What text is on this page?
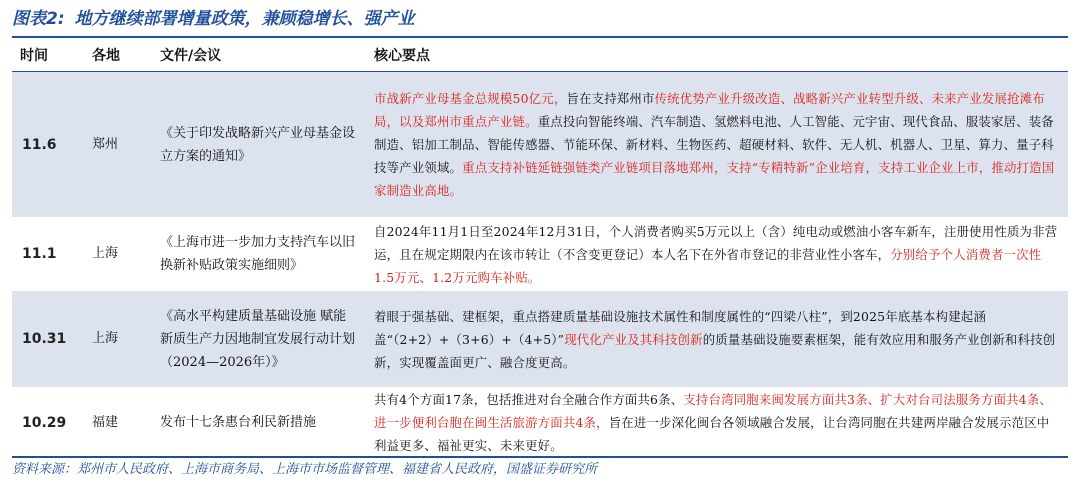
图表2: 地方继续部署增量政策，兼顾稳增长、强产业
时间	各地	文件/会议	核心要点
11.6	郑州	《关于印发战略新兴产业母基金设立方案的通知》	市战新产业母基金总规模50亿元，旨在支持郑州市传统优势产业升级改造、战略新兴产业转型升级、未来产业发展抢滩布局，以及郑州市重点产业链。重点投向智能终端、汽车制造、氢燃料电池、人工智能、元宇宙、现代食品、服装家居、装备制造、铝加工制品、智能传感器、节能环保、新材料、生物医药、超硬材料、软件、无人机、机器人、卫星、算力、量子科技等产业领域。重点支持补链延链强链类产业链项目落地郑州，支持“专精特新”企业培育，支持工业企业上市，推动打造国家制造业高地。
11.1	上海	《上海市进一步加力支持汽车以旧换新补贴政策实施细则》	自2024年11月1日至2024年12月31日，个人消费者购买5万元以上（含）纯电动或燃油小客车新车，注册使用性质为非营运，且在规定期限内在该市转让（不含变更登记）本人名下在外省市登记的非营业性小客车，分别给予个人消费者一次性1.5万元、1.2万元购车补贴。
10.31	上海	《高水平构建质量基础设施 赋能新质生产力因地制宜发展行动计划（2024—2026年）》	着眼于强基础、建框架，重点搭建质量基础设施技术属性和制度属性的“四梁八柱”，到2025年底基本构建起涵盖“（2+2）+（3+6）+（4+5）”现代化产业及其科技创新的质量基础设施要素框架，能有效应用和服务产业创新和科技创新，实现覆盖面更广、融合度更高。
10.29	福建	发布十七条惠台利民新措施	共有4个方面17条，包括推进对台全融合作方面共6条、支持台湾同胞来闽发展方面共3条、扩大对台司法服务方面共4条、进一步便利台胞在闽生活旅游方面共4条，旨在进一步深化闽台各领域融合发展，让台湾同胞在共建两岸融合发展示范区中利益更多、福祉更实、未来更好。
资料来源：郑州市人民政府、上海市商务局、上海市市场监督管理、福建省人民政府，国盛证券研究所
